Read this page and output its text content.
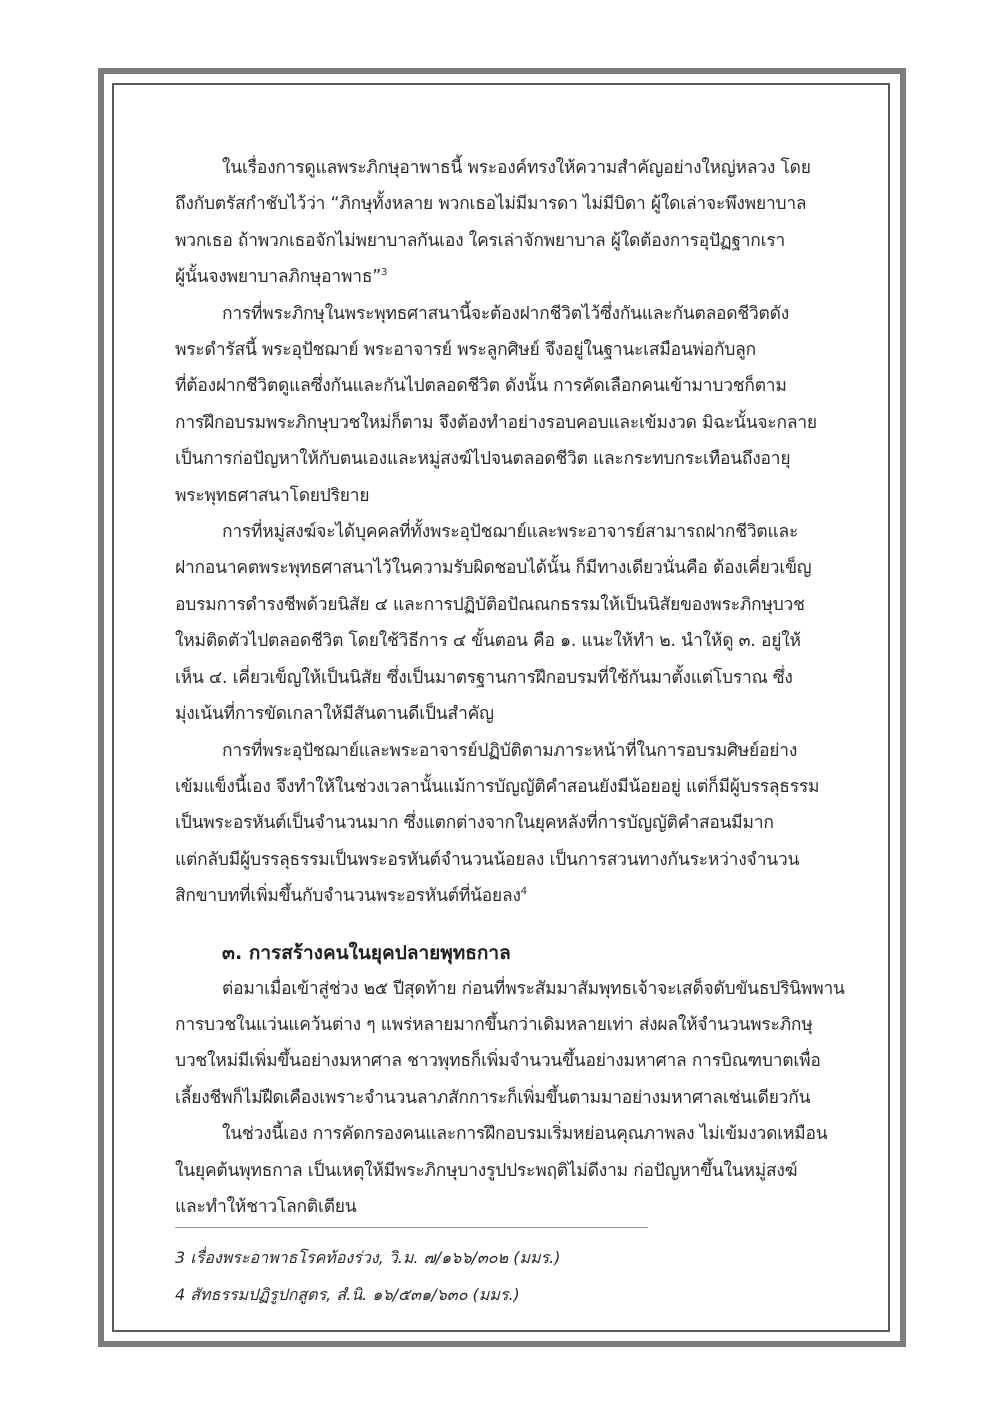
ในเรื่องการดูแลพระภิกษุอาพาธนี้ พระองค์ทรงให้ความสำคัญอย่างใหญ่หลวง โดย
ถึงกับตรัสกำชับไว้ว่า “ภิกษุทั้งหลาย พวกเธอไม่มีมารดา ไม่มีบิดา ผู้ใดเล่าจะพึงพยาบาล
พวกเธอ ถ้าพวกเธอจักไม่พยาบาลกันเอง ใครเล่าจักพยาบาล ผู้ใดต้องการอุปัฏฐากเรา
ผู้นั้นจงพยาบาลภิกษุอาพาธ”$^3$

การที่พระภิกษุในพระพุทธศาสนานี้จะต้องฝากชีวิตไว้ซึ่งกันและกันตลอดชีวิตดัง
พระดำรัสนี้ พระอุปัชฌาย์ พระอาจารย์ พระลูกศิษย์ จึงอยู่ในฐานะเสมือนพ่อกับลูก
ที่ต้องฝากชีวิตดูแลซึ่งกันและกันไปตลอดชีวิต ดังนั้น การคัดเลือกคนเข้ามาบวชก็ตาม
การฝึกอบรมพระภิกษุบวชใหม่ก็ตาม จึงต้องทำอย่างรอบคอบและเข้มงวด มิฉะนั้นจะกลาย
เป็นการก่อปัญหาให้กับตนเองและหมู่สงฆ์ไปจนตลอดชีวิต และกระทบกระเทือนถึงอายุ
พระพุทธศาสนาโดยปริยาย

การที่หมู่สงฆ์จะได้บุคคลที่ทั้งพระอุปัชฌาย์และพระอาจารย์สามารถฝากชีวิตและ
ฝากอนาคตพระพุทธศาสนาไว้ในความรับผิดชอบได้นั้น ก็มีทางเดียวนั่นคือ ต้องเคี่ยวเข็ญ
อบรมการดำรงชีพด้วยนิสัย ๔ และการปฏิบัติอปัณณกธรรมให้เป็นนิสัยของพระภิกษุบวช
ใหม่ติดตัวไปตลอดชีวิต โดยใช้วิธีการ ๔ ขั้นตอน คือ ๑. แนะให้ทำ ๒. นำให้ดู ๓. อยู่ให้
เห็น ๔. เคี่ยวเข็ญให้เป็นนิสัย ซึ่งเป็นมาตรฐานการฝึกอบรมที่ใช้กันมาตั้งแต่โบราณ ซึ่ง
มุ่งเน้นที่การขัดเกลาให้มีสันดานดีเป็นสำคัญ

การที่พระอุปัชฌาย์และพระอาจารย์ปฏิบัติตามภาระหน้าที่ในการอบรมศิษย์อย่าง
เข้มแข็งนี้เอง จึงทำให้ในช่วงเวลานั้นแม้การบัญญัติคำสอนยังมีน้อยอยู่ แต่ก็มีผู้บรรลุธรรม
เป็นพระอรหันต์เป็นจำนวนมาก ซึ่งแตกต่างจากในยุคหลังที่การบัญญัติคำสอนมีมาก
แต่กลับมีผู้บรรลุธรรมเป็นพระอรหันต์จำนวนน้อยลง เป็นการสวนทางกันระหว่างจำนวน
สิกขาบทที่เพิ่มขึ้นกับจำนวนพระอรหันต์ที่น้อยลง$^4$

๓. การสร้างคนในยุคปลายพุทธกาล

ต่อมาเมื่อเข้าสู่ช่วง ๒๕ ปีสุดท้าย ก่อนที่พระสัมมาสัมพุทธเจ้าจะเสด็จดับขันธปรินิพพาน
การบวชในแว่นแคว้นต่าง ๆ แพร่หลายมากขึ้นกว่าเดิมหลายเท่า ส่งผลให้จำนวนพระภิกษุ
บวชใหม่มีเพิ่มขึ้นอย่างมหาศาล ชาวพุทธก็เพิ่มจำนวนขึ้นอย่างมหาศาล การบิณฑบาตเพื่อ
เลี้ยงชีพก็ไม่ฝืดเคืองเพราะจำนวนลาภสักการะก็เพิ่มขึ้นตามมาอย่างมหาศาลเช่นเดียวกัน

ในช่วงนี้เอง การคัดกรองคนและการฝึกอบรมเริ่มหย่อนคุณภาพลง ไม่เข้มงวดเหมือน
ในยุคต้นพุทธกาล เป็นเหตุให้มีพระภิกษุบางรูปประพฤติไม่ดีงาม ก่อปัญหาขึ้นในหมู่สงฆ์
และทำให้ชาวโลกติเตียน

3 เรื่องพระอาพาธโรคท้องร่วง, วิ.ม. ๗/๑๖๖/๓๐๒ (มมร.)
4 สัทธรรมปฏิรูปกสูตร, สํ.นิ. ๑๖/๕๓๑/๖๓๐ (มมร.)
